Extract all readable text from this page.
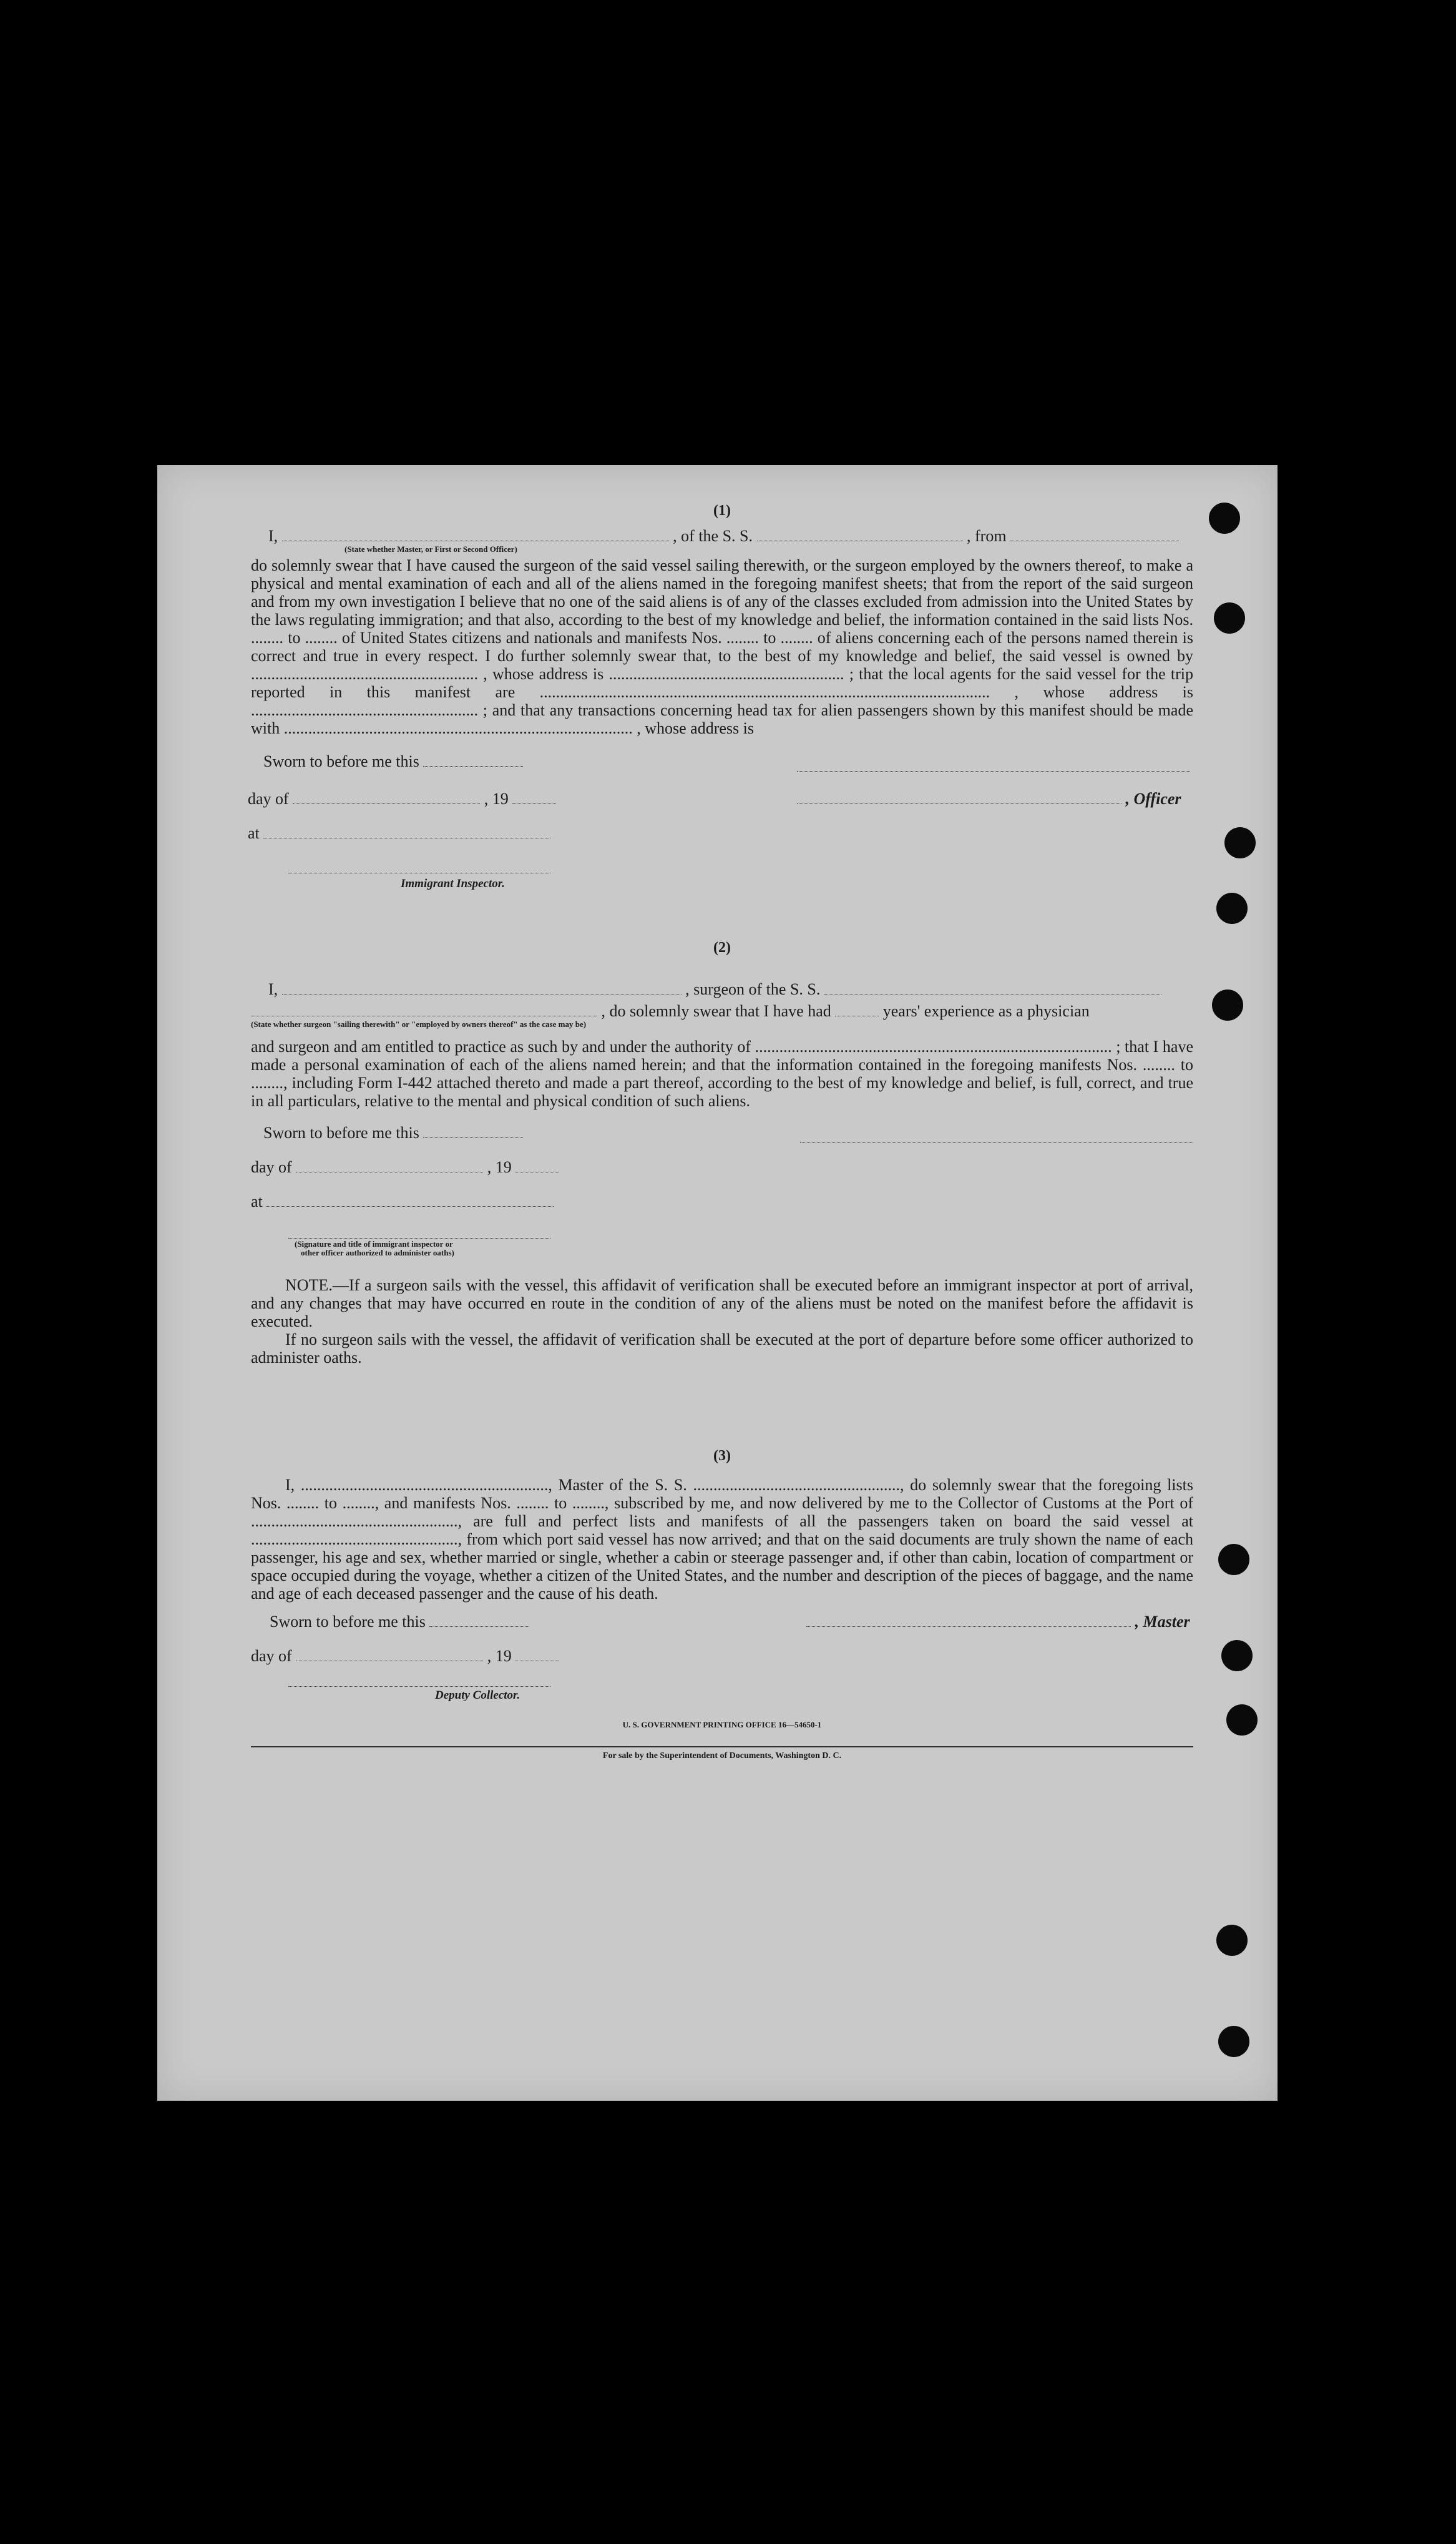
(1)
I,	, of the S. S.	, from
(State whether Master, or First or Second Officer)

do solemnly swear that I have caused the surgeon of the said vessel sailing therewith, or the surgeon employed by the owners thereof, to make a physical and mental examination of each and all of the aliens named in the foregoing manifest sheets; that from the report of the said surgeon and from my own investigation I believe that no one of the said aliens is of any of the classes excluded from admission into the United States by the laws regulating immigration; and that also, according to the best of my knowledge and belief, the information contained in the said lists Nos. ........ to ........ of United States citizens and nationals and manifests Nos. ........ to ........ of aliens concerning each of the persons named therein is correct and true in every respect. I do further solemnly swear that, to the best of my knowledge and belief, the said vessel is owned by ........................................................ , whose address is .......................................................... ; that the local agents for the said vessel for the trip reported in this manifest are ............................................................................................................... , whose address is ........................................................ ; and that any transactions concerning head tax for alien passengers shown by this manifest should be made with ...................................................................................... , whose address is

Sworn to before me this
day of	, 19	, Officer
at
Immigrant Inspector.
(2)
I,	, surgeon of the S. S.
, do solemnly swear that I have had	years' experience as a physician
(State whether surgeon "sailing therewith" or "employed by owners thereof" as the case may be)

and surgeon and am entitled to practice as such by and under the authority of ........................................................................................ ; that I have made a personal examination of each of the aliens named herein; and that the information contained in the foregoing manifests Nos. ........ to ........, including Form I-442 attached thereto and made a part thereof, according to the best of my knowledge and belief, is full, correct, and true in all particulars, relative to the mental and physical condition of such aliens.

Sworn to before me this
day of	, 19
at
(Signature and title of immigrant inspector or
other officer authorized to administer oaths)

NOTE.—If a surgeon sails with the vessel, this affidavit of verification shall be executed before an immigrant inspector at port of arrival, and any changes that may have occurred en route in the condition of any of the aliens must be noted on the manifest before the affidavit is executed.

If no surgeon sails with the vessel, the affidavit of verification shall be executed at the port of departure before some officer authorized to administer oaths.

(3)

I, ............................................................., Master of the S. S. ..................................................., do solemnly swear that the foregoing lists Nos. ........ to ........, and manifests Nos. ........ to ........, subscribed by me, and now delivered by me to the Collector of Customs at the Port of ..................................................., are full and perfect lists and manifests of all the passengers taken on board the said vessel at ..................................................., from which port said vessel has now arrived; and that on the said documents are truly shown the name of each passenger, his age and sex, whether married or single, whether a cabin or steerage passenger and, if other than cabin, location of compartment or space occupied during the voyage, whether a citizen of the United States, and the number and description of the pieces of baggage, and the name and age of each deceased passenger and the cause of his death.

Sworn to before me this	, Master
day of	, 19
Deputy Collector.
U. S. GOVERNMENT PRINTING OFFICE 16—54650-1
For sale by the Superintendent of Documents, Washington D. C.
